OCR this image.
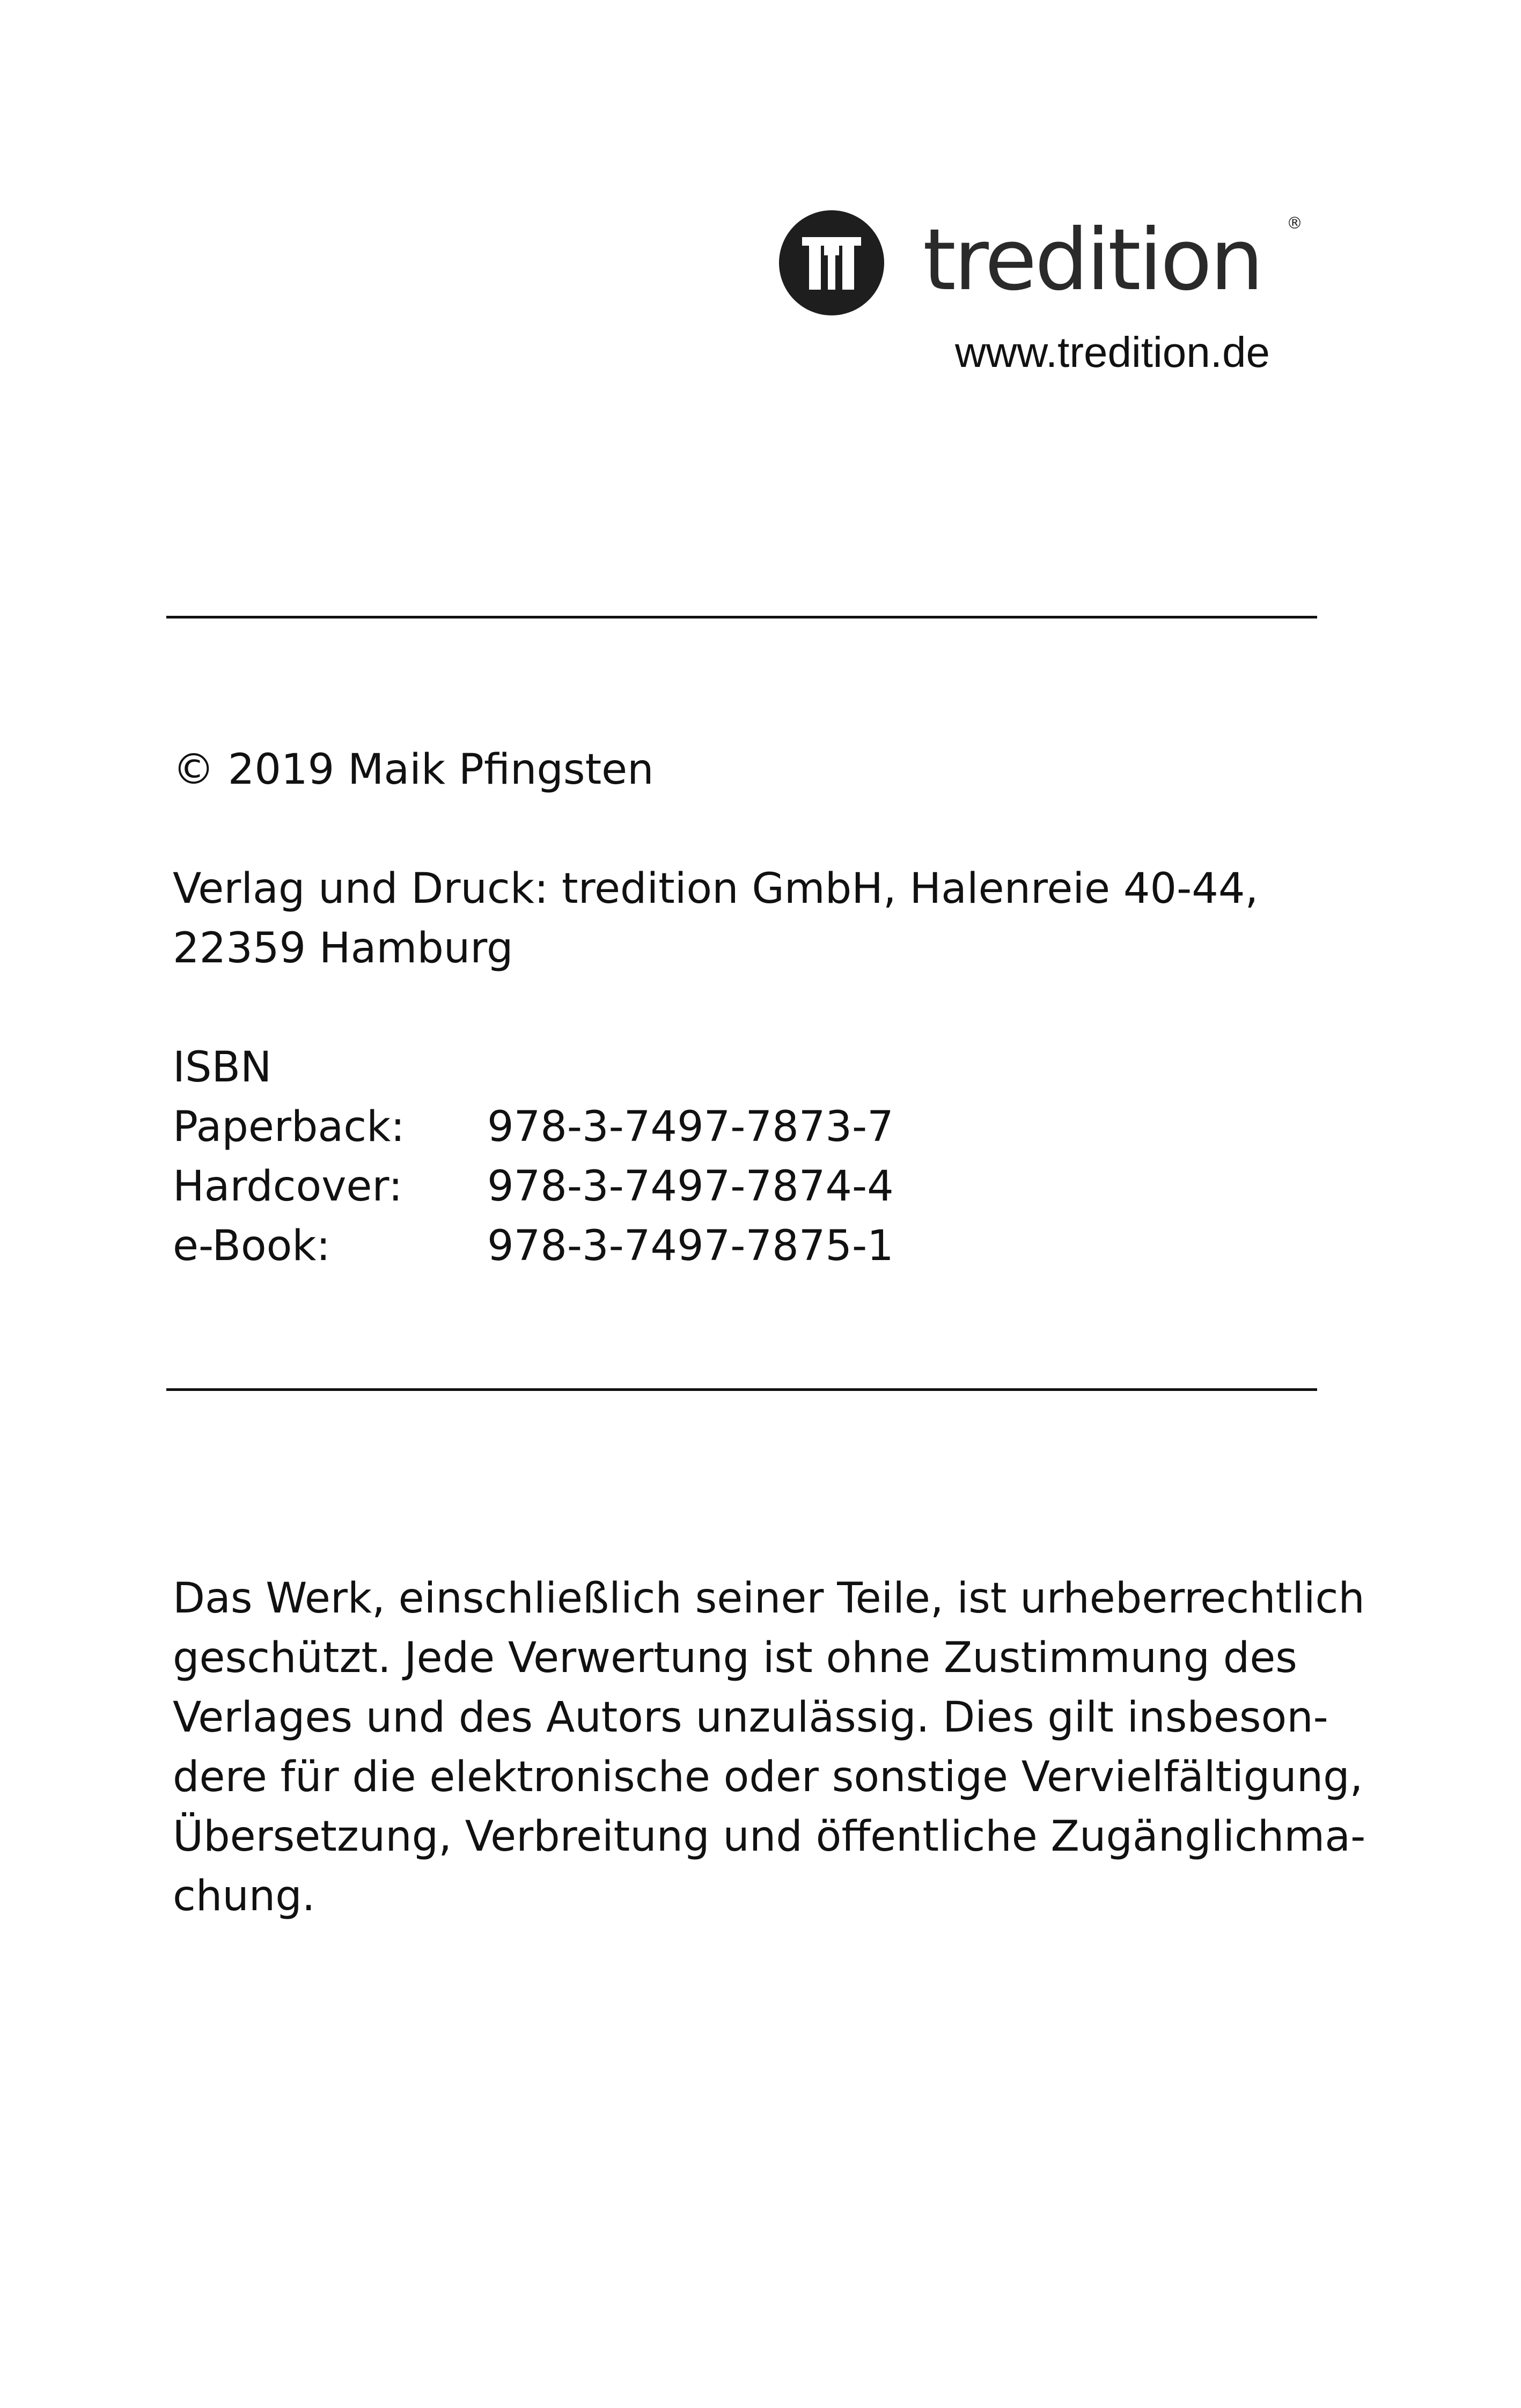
tredition ®
www.tredition.de
© 2019 Maik Pfingsten
Verlag und Druck: tredition GmbH, Halenreie 40-44,
22359 Hamburg
ISBN
Paperback:	978-3-7497-7873-7
Hardcover:	978-3-7497-7874-4
e-Book:	978-3-7497-7875-1
Das Werk, einschließlich seiner Teile, ist urheberrechtlich
geschützt. Jede Verwertung ist ohne Zustimmung des
Verlages und des Autors unzulässig. Dies gilt insbeson-
dere für die elektronische oder sonstige Vervielfältigung,
Übersetzung, Verbreitung und öffentliche Zugänglichma-
chung.
